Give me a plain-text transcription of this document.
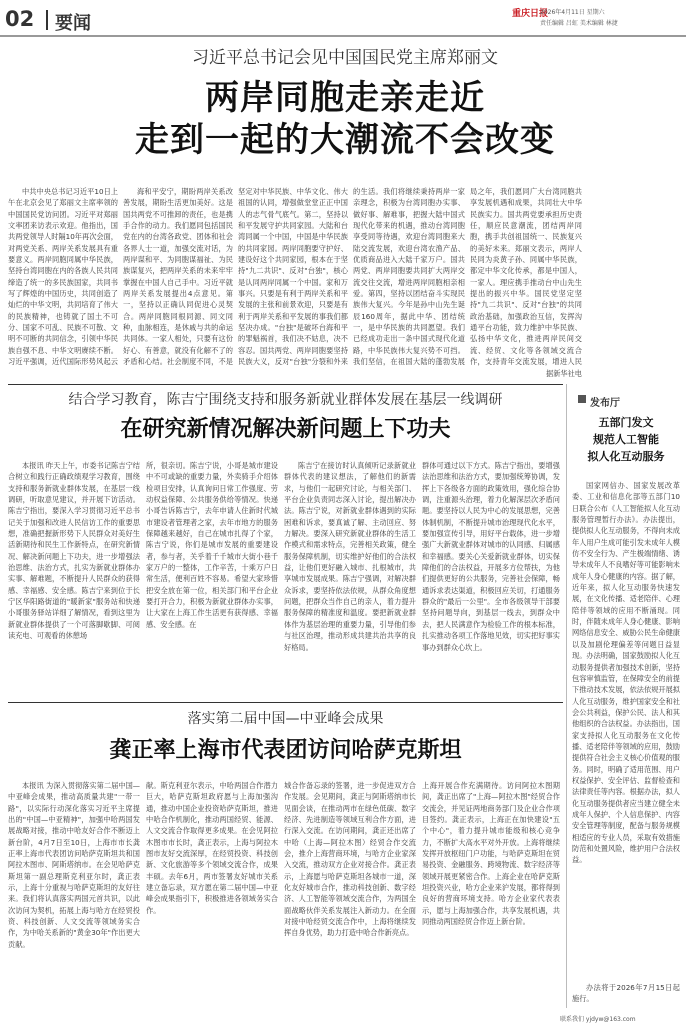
02 要闻	重庆日报
2026年4月11日 星期六
责任编辑 吕虹 美术编辑 林捷
习近平总书记会见中国国民党主席郑丽文
两岸同胞走亲走近
走到一起的大潮流不会改变

中共中央总书记习近平10日上午在北京会见了郑丽文主席率领的中国国民党访问团。习近平对郑丽文率团来访表示欢迎。他指出，国共两党领导人时隔10年再次会面，对两党关系、两岸关系发展具有重要意义。两岸同胞同属中华民族，坚持台湾同胞在内的各族人民共同缔造了统一的多民族国家，共同书写了辉煌的中国历史，共同创造了灿烂的中华文明，共同培育了伟大的民族精神，也铸就了国土不可分、国家不可乱、民族不可散、文明不可断的共同信念，引领中华民族自强不息、中华文明赓续不断。习近平强调，近代国际形势风起云

海和平安宁，期盼两岸关系改善发展，期盼生活更加美好。这是国共两党不可推卸的责任，也是携手合作的动力。我们愿同包括国民党在内的台湾各政党、团体和社会各界人士一道，加强交流对话，为两岸谋和平、为同胞谋福祉、为民族谋复兴，把两岸关系的未来牢牢掌握在中国人自己手中。习近平就两岸关系发展提出4点意见。第一，坚持以正确认同促进心灵契合。两岸同胞同根同源、同文同种，血脉相连，是休戚与共的命运共同体。一家人相处，只要有这份好心、有善意，就没有化解不了的矛盾和心结。社会制度不同，不是

坚定对中华民族、中华文化、伟大祖国的认同，增强做堂堂正正中国人的志气骨气底气。第二，坚持以和平发展守护共同家园。大陆和台湾同属一个中国，中国是中华民族的共同家园。两岸同胞要守护好、建设好这个共同家园，根本在于坚持"九二共识"、反对"台独"，核心是认同两岸同属一个中国。家和万事兴。只要是有利于两岸关系和平发展的主张和前景欢迎，只要是有利于两岸关系和平发展的事我们都坚决办成。"台独"是破坏台海和平的罪魁祸首，我们决不姑息，决不容忍。国共两党、两岸同胞要坚持民族大义，反对"台独"分裂和外来

的生活。我们将继续秉持两岸一家亲理念，积极为台湾同胞办实事、做好事、解难事，把握大陆中国式现代化带来的机遇，推动台湾同胞享受同等待遇，欢迎台湾同胞来大陆交流发展，欢迎台湾农渔产品、优质商品进入大陆千家万户。国共两党、两岸同胞要共同扩大两岸交流交往交流，增进两岸同胞相亲相爱。第四，坚持以团结奋斗实现民族伟大复兴。今年是孙中山先生诞辰160周年，据此中华、团结统一，是中华民族的共同愿望。我们已经成功走出一条中国式现代化道路，中华民族伟大复兴势不可挡。我们坚信，在祖国大陆的蓬勃发展

局之年，我们愿同广大台湾同胞共享发展机遇和成果，共同壮大中华民族实力。国共两党要承担历史责任，顺应民意潮流，团结两岸同胞，携手共创祖国统一、民族复兴的美好未来。郑丽文表示，两岸人民同为炎黄子孙、同属中华民族，都定中华文化传承，都是中国人，一家人。理应携手推动台中山先生提出的振兴中华。国民党坚定坚持"九二共识"、反对"台独"的共同政治基础，加强政治互信，发挥沟通平台功能，致力维护中华民族、弘扬中华文化，推进两岸民间交流、经贸、文化等各领域交流合作，支持青年交流发展，增进人民

据新华社电
结合学习教育，陈吉宁围绕支持和服务新就业群体发展在基层一线调研
在研究新情况解决新问题上下功夫

本报讯 昨天上午，市委书记陈吉宁结合树立和践行正确政绩观学习教育，围绕支持和服务新就业群体发展，在基层一线调研，听取意见建议，并开展下访活动。陈吉宁指出，要深入学习贯彻习近平总书记关于加强和改进人民信访工作的重要思想，准确把握新形势下人民群众对美好生活新期待和民生工作新特点，在研究新情况、解决新问题上下功夫，进一步增强法治思维、法治方式，扎实为新就业群体办实事、解难题，不断提升人民群众的获得感、幸福感、安全感。陈吉宁来到位于长宁区华阳路街道的"暖新家"服务站和快递小哥服务驿站详细了解情况，看到这里为新就业群体提供了一个可落脚歇脚、可阅读充电、可观看的休憩场

所，很亲切。陈吉宁说，小哥是城市建设中不可或缺的重要力量，外卖骑手介绍体检项目安排，认真询问日常工作强度、劳动权益保障、公共服务供给等情况。快递小哥告诉陈吉宁，去年申请人住新时代城市建设者管理者之家，去年市地方的服务保障越来越好，自己在城市扎得了个家，陈吉宁说，你们是城市发展的重要建设者，参与者，关乎着千千城市大街小巷千家万户的一整体，工作辛苦，十乘万户日常生活，便利百姓不容易。希望大家珍惜把安全放在第一位，相关部门和平台企业要打开合力，积极为新就业群体办实事，让大家在上海工作生活更有获得感、幸福感、安全感。在

陈吉宁在接访时认真倾听记录新就业群体代表的建议想法，了解他们的新需求，与他们一起研究讨论，与相关部门、平台企业负责同志深入讨论，提出解决办法。陈吉宁说，对新就业群体遇到的实际困难和诉求，要真诚了解、主动回应、努力解决。要深入研究新就业群体的生活工作模式和需求特点，完善相关政策，健全服务保障机制，切实维护好他们的合法权益，让他们更好融入城市、扎根城市，共享城市发展成果。陈吉宁强调，对解决群众诉求，要坚持依法依规，从群众角度想问题，把群众当作自己的亲人，着力提升服务保障的精准度和温度。要把新就业群体作为基层治理的重要力量，引导他们参与社区治理，推动形成共建共治共享的良好格局。

群体可通过以下方式。陈吉宁指出，要增强法治思维和法治方式，要加强统筹协调，发挥上下各级各方面的政策效用，强化综合协调，注重源头治理，着力化解深层次矛盾问题。要坚持以人民为中心的发展思想，完善体制机制，不断提升城市治理现代化水平，要加强宣传引导，用好平台载体，进一步增强广大新就业群体对城市的认同感、归属感和幸福感。要关心关爱新就业群体，切实保障他们的合法权益，开展多方位帮扶，为他们提供更好的公共服务，完善社会保障，畅通诉求表达渠道，积极回应关切，打通服务群众的"最后一公里"。全市各级领导干部要坚持问题导向，到基层一线去，到群众中去，把人民满意作为检验工作的根本标准，扎实推动各项工作落地见效，切实把好事实事办到群众心坎上。

发布厅
五部门发文
规范人工智能
拟人化互动服务

国家网信办、国家发展改革委、工业和信息化部等五部门10日联合公布《人工智能拟人化互动服务管理暂行办法》。办法提出，提供拟人化互动服务，不得向未成年人用户生成可能引发未成年人模仿不安全行为、产生极端情绪、诱导未成年人不良嗜好等可能影响未成年人身心健康的内容。据了解，近年来，拟人化互动服务快速发展，在文化传播、适老陪伴、心理陪伴等领域的应用不断涌现。同时，伴随未成年人身心健康、影响网络信息安全、威胁公民生命健康以及加剧伦理偏差等问题日益显现。办法明确，国家鼓励拟人化互动服务提供者加强技术创新，坚持包容审慎监管，在保障安全的前提下推动技术发展，依法依规开展拟人化互动服务，维护国家安全和社会公共利益，保护公民、法人和其他组织的合法权益。办法指出，国家支持拟人化互动服务在文化传播、适老陪伴等领域的应用，鼓励提供符合社会主义核心价值观的服务。同时，明确了适用范围、用户权益保护、安全评估、监督检查和法律责任等内容。根据办法，拟人化互动服务提供者应当建立健全未成年人保护、个人信息保护、内容安全管理等制度，配备与服务规模相适应的专业人员，采取有效措施防范和处置风险，维护用户合法权益。

办法将于2026年7月15日起施行。

落实第二届中国—中亚峰会成果
龚正率上海市代表团访问哈萨克斯坦

本报讯 为深入贯彻落实第二届中国—中亚峰会成果，推动高质量共建"一带一路"，以实际行动深化落实习近平主席提出的"中国—中亚精神"，加强中哈两国发展战略对接，推动中哈友好合作不断迈上新台阶，4月7日至10日，上海市市长龚正率上海市代表团访问哈萨克斯坦共和国阿拉木图市、阿斯塔纳市。在会见哈萨克斯坦第一副总理斯克利亚尔时，龚正表示，上海十分重视与哈萨克斯坦的友好往来。我们将认真落实两国元首共识，以此次访问为契机，拓展上海与哈方在经贸投资、科技创新、人文交流等领域务实合作，为中哈关系新的"黄金30年"作出更大贡献。

献。斯克利亚尔表示，中哈两国合作潜力巨大，哈萨克斯坦政府愿与上海加强沟通，推动中国企业投资哈萨克斯坦，推进中哈合作机制化，推动两国经贸、能源、人文交流合作取得更多成果。在会见阿拉木图市市长时，龚正表示，上海与阿拉木图市友好交流深厚，在经贸投资、科技创新、文化旅游等多个领域交流合作，成果丰硕。去年6月，两市签署友好城市关系建立备忘录，双方愿在第二届中国—中亚峰会成果指引下，积极推进各领域务实合作。

城合作备忘录的签署，进一步促进双方合作发展。会见期间，龚正与阿斯塔纳市长见面会谈，在推动两市在绿色低碳、数字经济、先进制造等领域互利合作方面，进行深入交流。在访问期间，龚正还出席了中哈（上海—阿拉木图）经贸合作交流会，推介上海营商环境，与哈方企业家深入交流，推动双方企业对接合作。龚正表示，上海愿与哈萨克斯坦各城市一道，深化友好城市合作，推动科技创新、数字经济、人工智能等领域交流合作，为两国全面战略伙伴关系发展注入新动力。在全面对接中哈经贸交流合作中，上海将继续发挥自身优势，助力打造中哈合作新亮点。

上海开展合作充满期待。访问阿拉木图期间，龚正出席了"上海—阿拉木图"经贸合作交流会，并见证两地商务部门及企业合作项目签约。龚正表示，上海正在加快建设"五个中心"，着力提升城市能级和核心竞争力，不断扩大高水平对外开放。上海将继续发挥开放枢纽门户功能，与哈萨克斯坦在贸易投资、金融服务、跨境物流、数字经济等领域开展更紧密合作。上海企业在哈萨克斯坦投资兴业，哈方企业来沪发展，都将得到良好的营商环境支持。哈方企业家代表表示，愿与上海加强合作，共享发展机遇，共同推动两国经贸合作迈上新台阶。

联系我们 yjdyw@163.com
